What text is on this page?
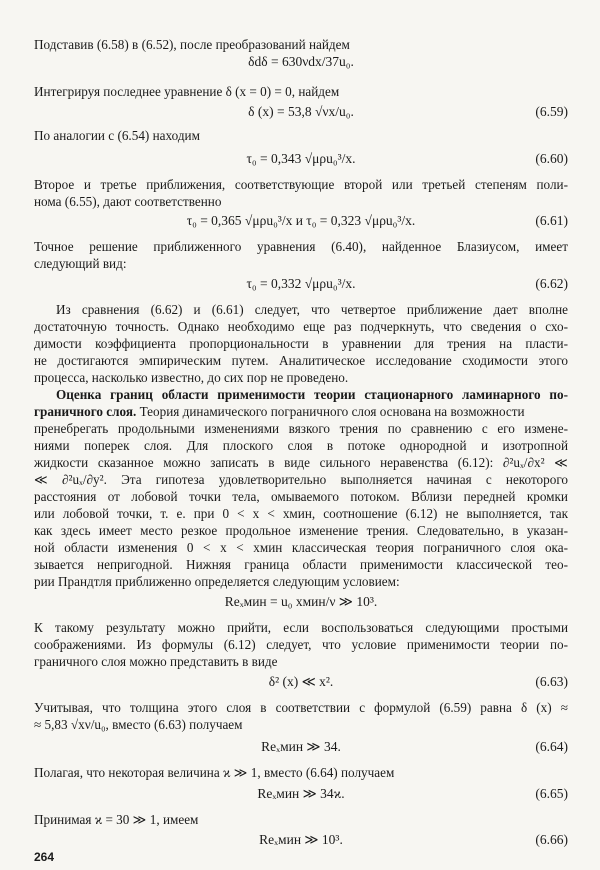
Подставив (6.58) в (6.52), после преобразований найдем
δdδ = 630νdx/37u₀.
Интегрируя последнее уравнение δ (x = 0) = 0, найдем
δ (x) = 53,8 √νx/u₀.	(6.59)
По аналогии с (6.54) находим
τ₀ = 0,343 √μρu₀³/x.	(6.60)
Второе и третье приближения, соответствующие второй или третьей степеням поли-
нома (6.55), дают соответственно
τ₀ = 0,365 √μρu₀³/x и τ₀ = 0,323 √μρu₀³/x.	(6.61)
Точное решение приближенного уравнения (6.40), найденное Блазиусом, имеет
следующий вид:
τ₀ = 0,332 √μρu₀³/x.	(6.62)
Из сравнения (6.62) и (6.61) следует, что четвертое приближение дает вполне
достаточную точность. Однако необходимо еще раз подчеркнуть, что сведения о схо-
димости коэффициента пропорциональности в уравнении для трения на пласти-
не достигаются эмпирическим путем. Аналитическое исследование сходимости этого
процесса, насколько известно, до сих пор не проведено.
Оценка границ области применимости теории стационарного ламинарного по-
граничного слоя. Теория динамического пограничного слоя основана на возможности
пренебрегать продольными изменениями вязкого трения по сравнению с его измене-
ниями поперек слоя. Для плоского слоя в потоке однородной и изотропной
жидкости сказанное можно записать в виде сильного неравенства (6.12): ∂²uₓ/∂x² ≪
≪ ∂²uₓ/∂y². Эта гипотеза удовлетворительно выполняется начиная с некоторого
расстояния от лобовой точки тела, омываемого потоком. Вблизи передней кромки
или лобовой точки, т. е. при 0 < x < xмин, соотношение (6.12) не выполняется, так
как здесь имеет место резкое продольное изменение трения. Следовательно, в указан-
ной области изменения 0 < x < xмин классическая теория пограничного слоя ока-
зывается непригодной. Нижняя граница области применимости классической тео-
рии Прандтля приближенно определяется следующим условием:
Reₓмин = u₀ xмин/ν ≫ 10³.
К такому результату можно прийти, если воспользоваться следующими простыми
соображениями. Из формулы (6.12) следует, что условие применимости теории по-
граничного слоя можно представить в виде
δ² (x) ≪ x².	(6.63)
Учитывая, что толщина этого слоя в соответствии с формулой (6.59) равна δ (x) ≈
≈ 5,83 √xν/u₀, вместо (6.63) получаем
Reₓмин ≫ 34.	(6.64)
Полагая, что некоторая величина ϰ ≫ 1, вместо (6.64) получаем
Reₓмин ≫ 34ϰ.	(6.65)
Принимая ϰ = 30 ≫ 1, имеем
Reₓмин ≫ 10³.	(6.66)
264
